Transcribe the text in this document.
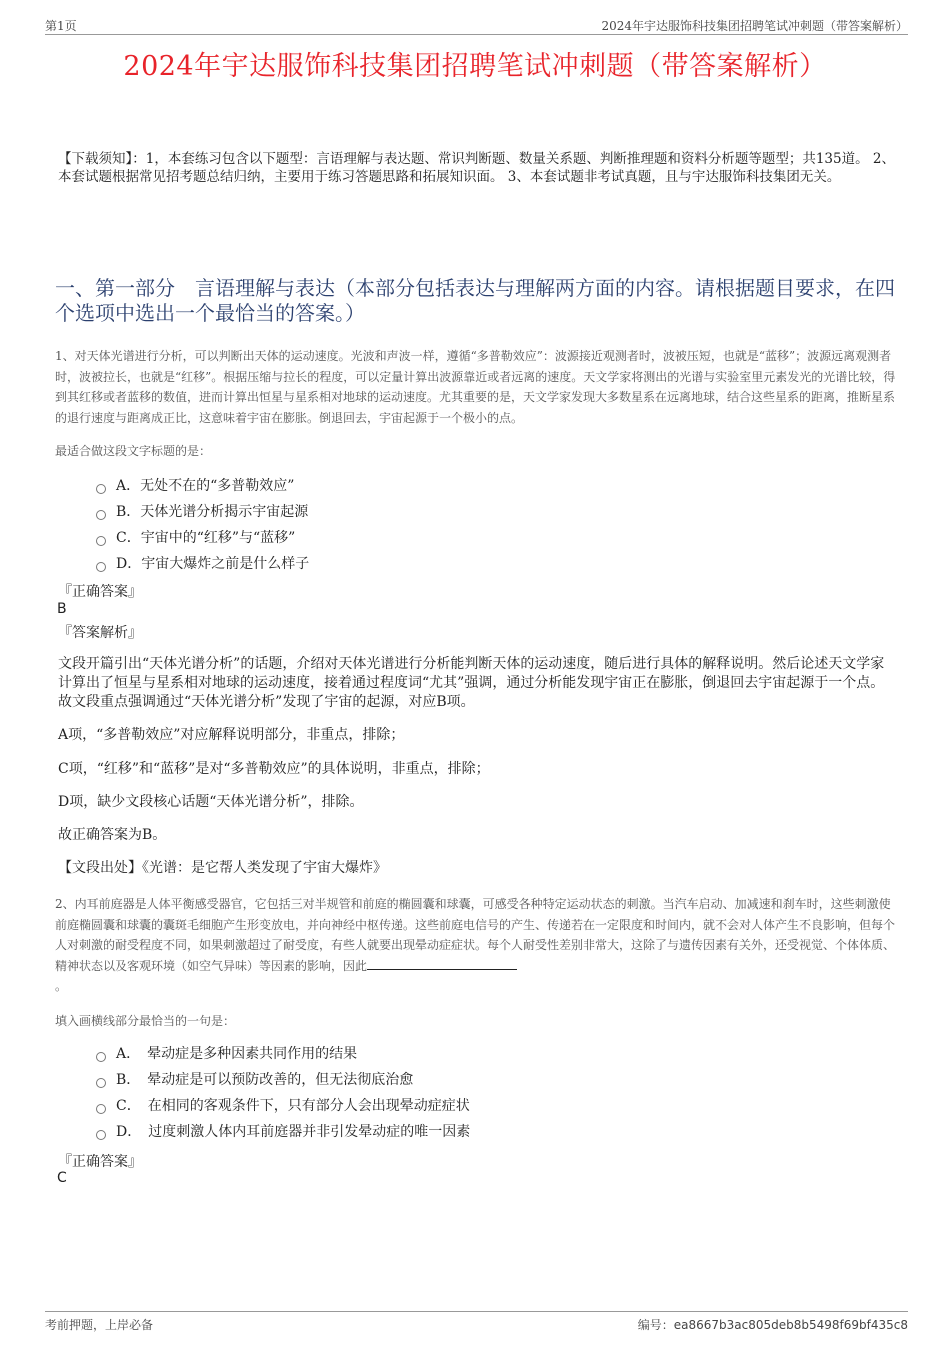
第1页	2024年宇达服饰科技集团招聘笔试冲刺题（带答案解析）
2024年宇达服饰科技集团招聘笔试冲刺题（带答案解析）
【下载须知】：1，本套练习包含以下题型：言语理解与表达题、常识判断题、数量关系题、判断推理题和资料分析题等题型；共135道。 2、本套试题根据常见招考题总结归纳，主要用于练习答题思路和拓展知识面。 3、本套试题非考试真题，且与宇达服饰科技集团无关。
一、第一部分　言语理解与表达（本部分包括表达与理解两方面的内容。请根据题目要求，在四个选项中选出一个最恰当的答案。）
1、对天体光谱进行分析，可以判断出天体的运动速度。光波和声波一样，遵循“多普勒效应”：波源接近观测者时，波被压短，也就是“蓝移”；波源远离观测者时，波被拉长，也就是“红移”。根据压缩与拉长的程度，可以定量计算出波源靠近或者远离的速度。天文学家将测出的光谱与实验室里元素发光的光谱比较，得到其红移或者蓝移的数值，进而计算出恒星与星系相对地球的运动速度。尤其重要的是，天文学家发现大多数星系在远离地球，结合这些星系的距离，推断星系的退行速度与距离成正比，这意味着宇宙在膨胀。倒退回去，宇宙起源于一个极小的点。
最适合做这段文字标题的是：
A．无处不在的“多普勒效应”
B．天体光谱分析揭示宇宙起源
C．宇宙中的“红移”与“蓝移”
D．宇宙大爆炸之前是什么样子
『正确答案』
B
『答案解析』
文段开篇引出“天体光谱分析”的话题，介绍对天体光谱进行分析能判断天体的运动速度，随后进行具体的解释说明。然后论述天文学家计算出了恒星与星系相对地球的运动速度，接着通过程度词“尤其”强调，通过分析能发现宇宙正在膨胀，倒退回去宇宙起源于一个点。故文段重点强调通过“天体光谱分析”发现了宇宙的起源，对应B项。
A项，“多普勒效应”对应解释说明部分，非重点，排除；
C项，“红移”和“蓝移”是对“多普勒效应”的具体说明，非重点，排除；
D项，缺少文段核心话题“天体光谱分析”，排除。
故正确答案为B。
【文段出处】《光谱：是它帮人类发现了宇宙大爆炸》
2、内耳前庭器是人体平衡感受器官，它包括三对半规管和前庭的椭圆囊和球囊，可感受各种特定运动状态的刺激。当汽车启动、加减速和刹车时，这些刺激使前庭椭圆囊和球囊的囊斑毛细胞产生形变放电，并向神经中枢传递。这些前庭电信号的产生、传递若在一定限度和时间内，就不会对人体产生不良影响，但每个人对刺激的耐受程度不同，如果刺激超过了耐受度，有些人就要出现晕动症症状。每个人耐受性差别非常大，这除了与遗传因素有关外，还受视觉、个体体质、精神状态以及客观环境（如空气异味）等因素的影响，因此
。
填入画横线部分最恰当的一句是：
A．　晕动症是多种因素共同作用的结果
B．　晕动症是可以预防改善的，但无法彻底治愈
C．　在相同的客观条件下，只有部分人会出现晕动症症状
D．　过度刺激人体内耳前庭器并非引发晕动症的唯一因素
『正确答案』
C
考前押题，上岸必备	编号：ea8667b3ac805deb8b5498f69bf435c8
